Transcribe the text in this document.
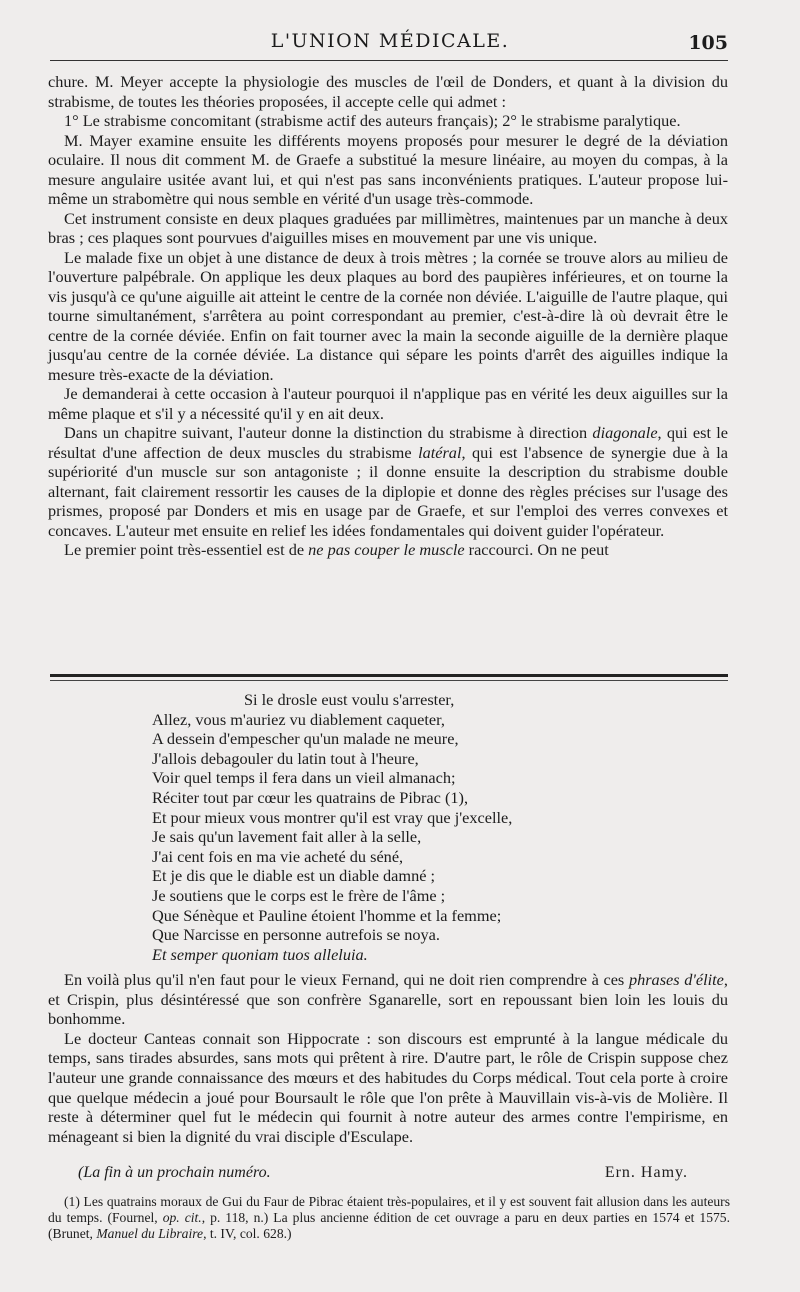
L'UNION MÉDICALE.	105

chure. M. Meyer accepte la physiologie des muscles de l'œil de Donders, et quant à la division du strabisme, de toutes les théories proposées, il accepte celle qui admet :

1° Le strabisme concomitant (strabisme actif des auteurs français); 2° le strabisme paralytique.

M. Mayer examine ensuite les différents moyens proposés pour mesurer le degré de la déviation oculaire. Il nous dit comment M. de Graefe a substitué la mesure linéaire, au moyen du compas, à la mesure angulaire usitée avant lui, et qui n'est pas sans inconvénients pratiques. L'auteur propose lui-même un strabomètre qui nous semble en vérité d'un usage très-commode.

Cet instrument consiste en deux plaques graduées par millimètres, maintenues par un manche à deux bras ; ces plaques sont pourvues d'aiguilles mises en mouvement par une vis unique.

Le malade fixe un objet à une distance de deux à trois mètres ; la cornée se trouve alors au milieu de l'ouverture palpébrale. On applique les deux plaques au bord des paupières inférieures, et on tourne la vis jusqu'à ce qu'une aiguille ait atteint le centre de la cornée non déviée. L'aiguille de l'autre plaque, qui tourne simultanément, s'arrêtera au point correspondant au premier, c'est-à-dire là où devrait être le centre de la cornée déviée. Enfin on fait tourner avec la main la seconde aiguille de la dernière plaque jusqu'au centre de la cornée déviée. La distance qui sépare les points d'arrêt des aiguilles indique la mesure très-exacte de la déviation.

Je demanderai à cette occasion à l'auteur pourquoi il n'applique pas en vérité les deux aiguilles sur la même plaque et s'il y a nécessité qu'il y en ait deux.

Dans un chapitre suivant, l'auteur donne la distinction du strabisme à direction diagonale, qui est le résultat d'une affection de deux muscles du strabisme latéral, qui est l'absence de synergie due à la supériorité d'un muscle sur son antagoniste ; il donne ensuite la description du strabisme double alternant, fait clairement ressortir les causes de la diplopie et donne des règles précises sur l'usage des prismes, proposé par Donders et mis en usage par de Graefe, et sur l'emploi des verres convexes et concaves. L'auteur met ensuite en relief les idées fondamentales qui doivent guider l'opérateur.

Le premier point très-essentiel est de ne pas couper le muscle raccourci. On ne peut

Si le drosle eust voulu s'arrester,
Allez, vous m'auriez vu diablement caqueter,
A dessein d'empescher qu'un malade ne meure,
J'allois debagouler du latin tout à l'heure,
Voir quel temps il fera dans un vieil almanach;
Réciter tout par cœur les quatrains de Pibrac (1),
Et pour mieux vous montrer qu'il est vray que j'excelle,
Je sais qu'un lavement fait aller à la selle,
J'ai cent fois en ma vie acheté du séné,
Et je dis que le diable est un diable damné ;
Je soutiens que le corps est le frère de l'âme ;
Que Sénèque et Pauline étoient l'homme et la femme;
Que Narcisse en personne autrefois se noya.
Et semper quoniam tuos alleluia.

En voilà plus qu'il n'en faut pour le vieux Fernand, qui ne doit rien comprendre à ces phrases d'élite, et Crispin, plus désintéressé que son confrère Sganarelle, sort en repoussant bien loin les louis du bonhomme.

Le docteur Canteas connait son Hippocrate : son discours est emprunté à la langue médicale du temps, sans tirades absurdes, sans mots qui prêtent à rire. D'autre part, le rôle de Crispin suppose chez l'auteur une grande connaissance des mœurs et des habitudes du Corps médical. Tout cela porte à croire que quelque médecin a joué pour Boursault le rôle que l'on prête à Mauvillain vis-à-vis de Molière. Il reste à déterminer quel fut le médecin qui fournit à notre auteur des armes contre l'empirisme, en ménageant si bien la dignité du vrai disciple d'Esculape.

(La fin à un prochain numéro.	Ern. Hamy.

(1) Les quatrains moraux de Gui du Faur de Pibrac étaient très-populaires, et il y est souvent fait allusion dans les auteurs du temps. (Fournel, op. cit., p. 118, n.) La plus ancienne édition de cet ouvrage a paru en deux parties en 1574 et 1575. (Brunet, Manuel du Libraire, t. IV, col. 628.)
